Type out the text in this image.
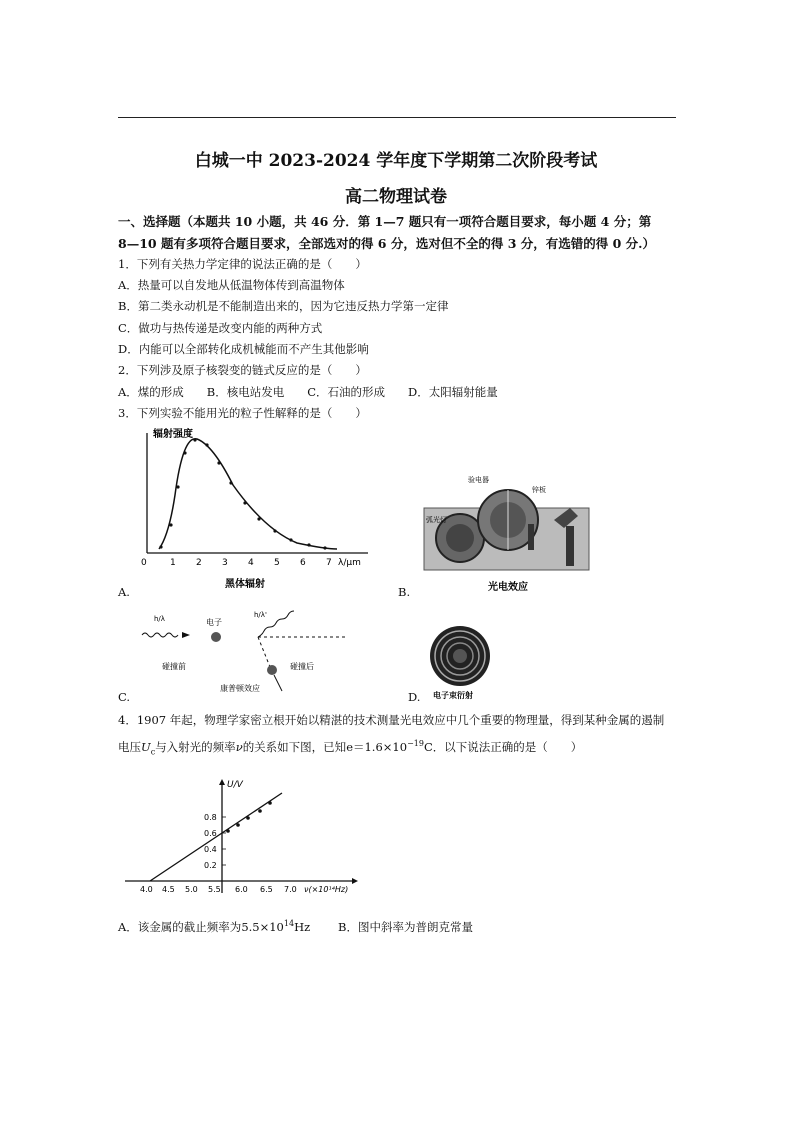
白城一中 2023-2024 学年度下学期第二次阶段考试
高二物理试卷
一、选择题（本题共 10 小题，共 46 分．第 1—7 题只有一项符合题目要求，每小题 4 分；第
8—10 题有多项符合题目要求，全部选对的得 6 分，选对但不全的得 3 分，有选错的得 0 分.）
1．下列有关热力学定律的说法正确的是（　　）
A．热量可以自发地从低温物体传到高温物体
B．第二类永动机是不能制造出来的，因为它违反热力学第一定律
C．做功与热传递是改变内能的两种方式
D．内能可以全部转化成机械能而不产生其他影响
2．下列涉及原子核裂变的链式反应的是（　　）
A．煤的形成　　B．核电站发电　　C．石油的形成　　D．太阳辐射能量
3．下列实验不能用光的粒子性解释的是（　　）
辐射强度
0	1 2 3 4 5 6 7 λ/μm
黑体辐射
A.
验电器
锌板
弧光灯
光电效应
B.
h/λ	电子
碰撞前
h/λ'
碰撞后
康普顿效应
C.	电子束衍射
D.
4．1907 年起，物理学家密立根开始以精湛的技术测量光电效应中几个重要的物理量，得到某种金属的遏制
电压$U_c$与入射光的频率ν的关系如下图，已知$e=1.6\times 10^{-19}C$．以下说法正确的是（　　）
U/V
0.8
0.6
0.4
0.2
4.0 4.5 5.0 5.5 6.0 6.5 7.0 ν(×10¹⁴Hz)
A．该金属的截止频率为$5.5\times 10^{14}Hz$ B．图中斜率为普朗克常量
